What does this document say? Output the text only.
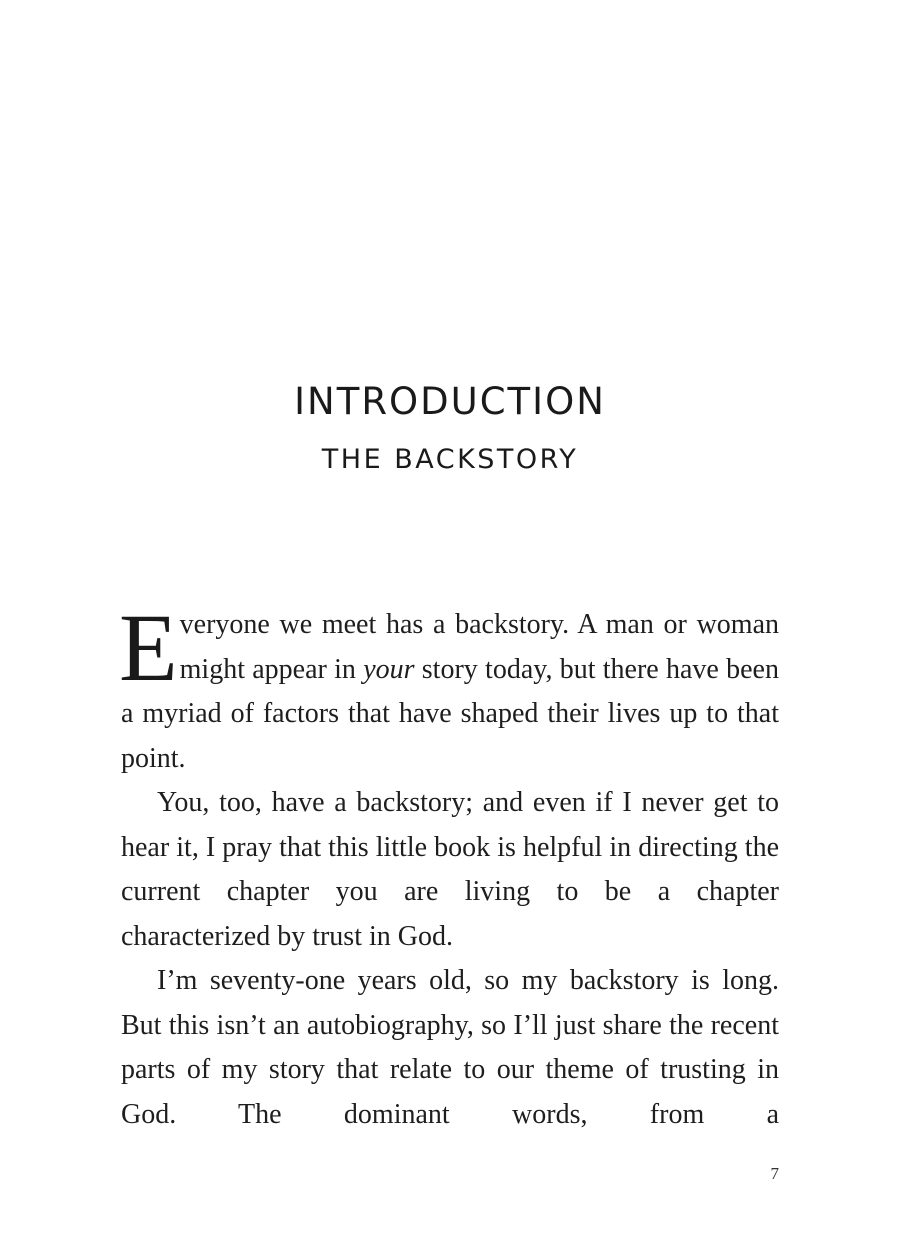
INTRODUCTION
THE BACKSTORY

Everyone we meet has a backstory. A man or woman might appear in your story today, but there have been a myriad of factors that have shaped their lives up to that point.

You, too, have a backstory; and even if I never get to hear it, I pray that this little book is helpful in directing the current chapter you are living to be a chapter characterized by trust in God.

I’m seventy-one years old, so my backstory is long. But this isn’t an autobiography, so I’ll just share the recent parts of my story that relate to our theme of trusting in God. The dominant words, from a

7
